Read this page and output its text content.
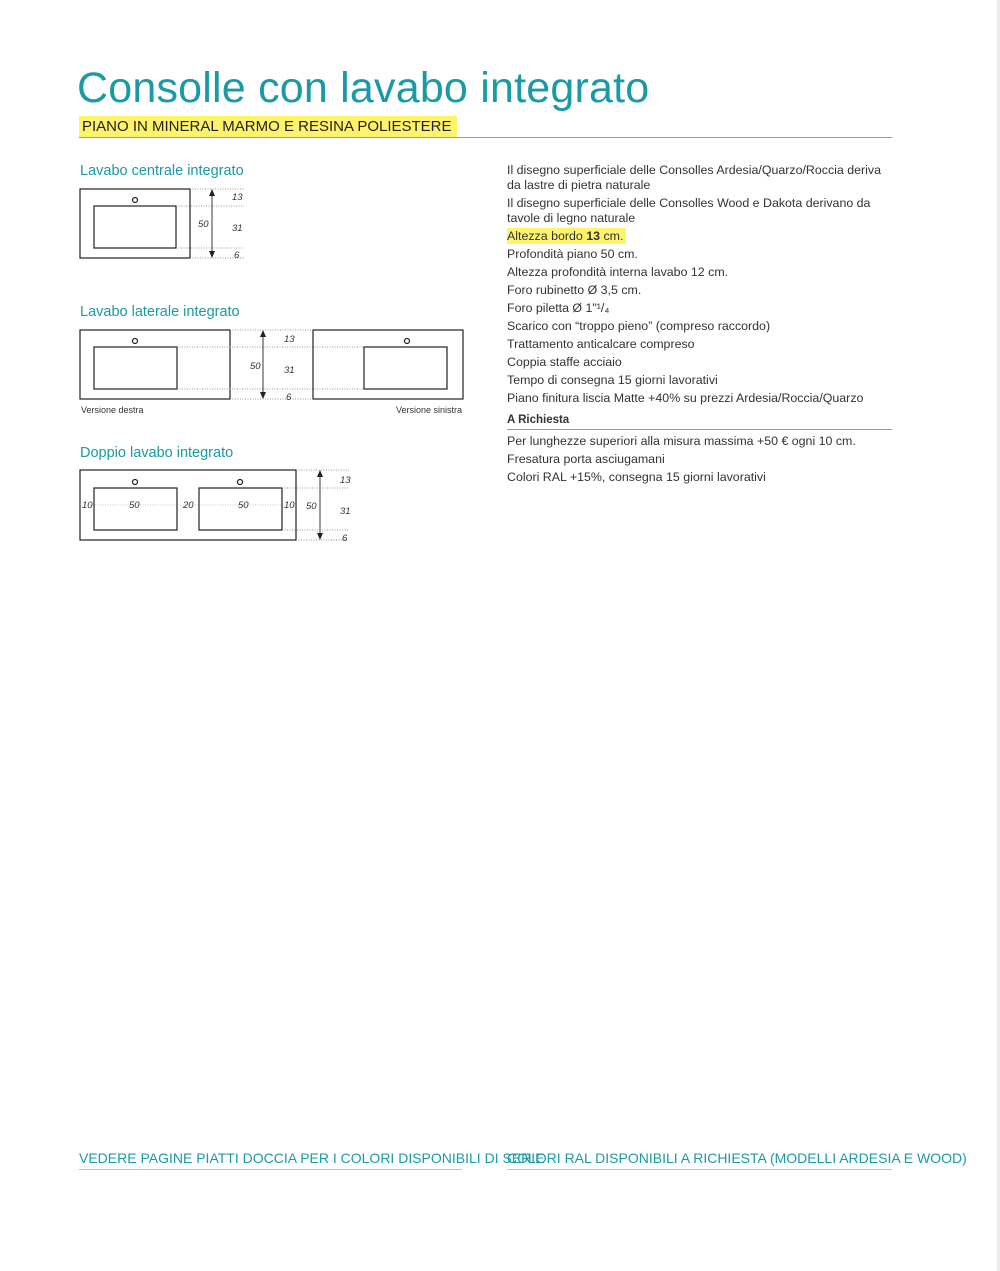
Consolle con lavabo integrato
PIANO IN MINERAL MARMO E RESINA POLIESTERE
Lavabo centrale integrato
50
13
31
6
Lavabo laterale integrato
50
13
31
6
Versione destra	Versione sinistra
Doppio lavabo integrato
10	50	20	50	10 50
13
31
6
Il disegno superficiale delle Consolles Ardesia/Quarzo/Roccia deriva da lastre di pietra naturale
Il disegno superficiale delle Consolles Wood e Dakota derivano da tavole di legno naturale
Altezza bordo 13 cm.
Profondità piano 50 cm.
Altezza profondità interna lavabo 12 cm.
Foro rubinetto Ø 3,5 cm.
Foro piletta Ø 1"¹/₄
Scarico con “troppo pieno” (compreso raccordo)
Trattamento anticalcare compreso
Coppia staffe acciaio
Tempo di consegna 15 giorni lavorativi
Piano finitura liscia Matte +40% su prezzi Ardesia/Roccia/Quarzo
A Richiesta
Per lunghezze superiori alla misura massima +50 € ogni 10 cm.
Fresatura porta asciugamani
Colori RAL +15%, consegna 15 giorni lavorativi
VEDERE PAGINE PIATTI DOCCIA PER I COLORI DISPONIBILI DI SERIE
COLORI RAL DISPONIBILI A RICHIESTA (MODELLI ARDESIA E WOOD)
